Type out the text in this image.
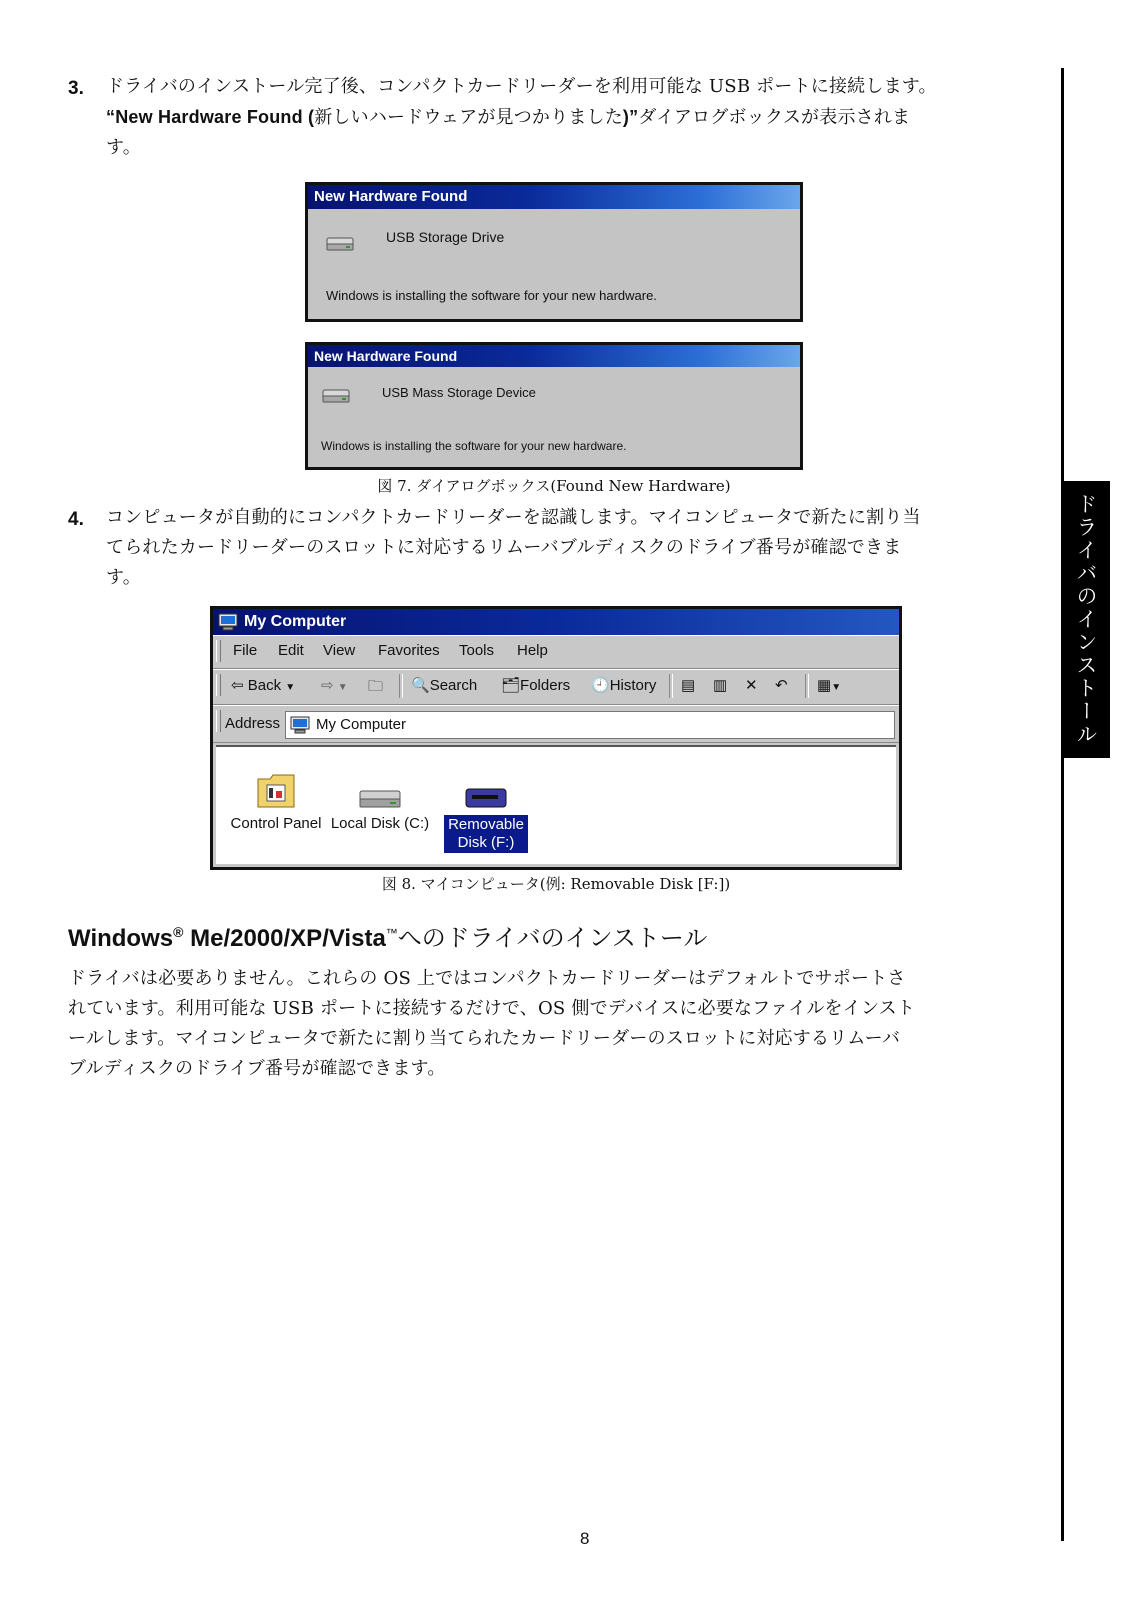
ドライバのインストール
3. ドライバのインストール完了後、コンパクトカードリーダーを利用可能な USB ポートに接続します。
“New Hardware Found (新しいハードウェアが見つかりました)”ダイアログボックスが表示されま
す。
New Hardware Found
USB Storage Drive
Windows is installing the software for your new hardware.
New Hardware Found
USB Mass Storage Device
Windows is installing the software for your new hardware.
図 7. ダイアログボックス(Found New Hardware)
4. コンピュータが自動的にコンパクトカードリーダーを認識します。マイコンピュータで新たに割り当
てられたカードリーダーのスロットに対応するリムーバブルディスクのドライブ番号が確認できま
す。
My Computer
File Edit View Favorites Tools Help
⇦ Back ▼ ⇨ ▼ 🗀 🔍Search 🗂Folders 🕘History ▤ ▥ ✕ ↶ ▦▼
Address My Computer
Control Panel Local Disk (C:) Removable
Disk (F:)
図 8. マイコンピュータ(例: Removable Disk [F:])
Windows® Me/2000/XP/Vista™へのドライバのインストール
ドライバは必要ありません。これらの OS 上ではコンパクトカードリーダーはデフォルトでサポートさ
れています。利用可能な USB ポートに接続するだけで、OS 側でデバイスに必要なファイルをインスト
ールします。マイコンピュータで新たに割り当てられたカードリーダーのスロットに対応するリムーバ
ブルディスクのドライブ番号が確認できます。
8
